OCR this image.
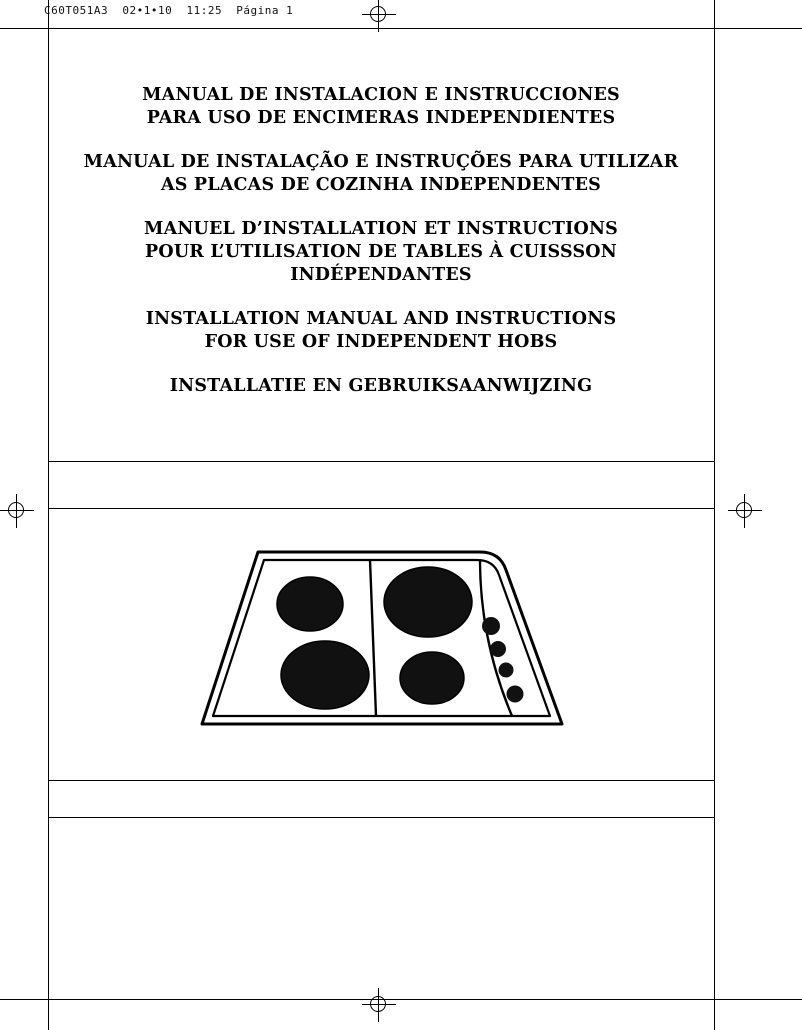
C60T051A3  02•1•10  11:25  Página 1
MANUAL DE INSTALACION E INSTRUCCIONES
PARA USO DE ENCIMERAS INDEPENDIENTES
MANUAL DE INSTALAÇÃO E INSTRUÇÕES PARA UTILIZAR
AS PLACAS DE COZINHA INDEPENDENTES
MANUEL D’INSTALLATION ET INSTRUCTIONS
POUR L’UTILISATION DE TABLES À CUISSSON
INDÉPENDANTES
INSTALLATION MANUAL AND INSTRUCTIONS
FOR USE OF INDEPENDENT HOBS
INSTALLATIE EN GEBRUIKSAANWIJZING
